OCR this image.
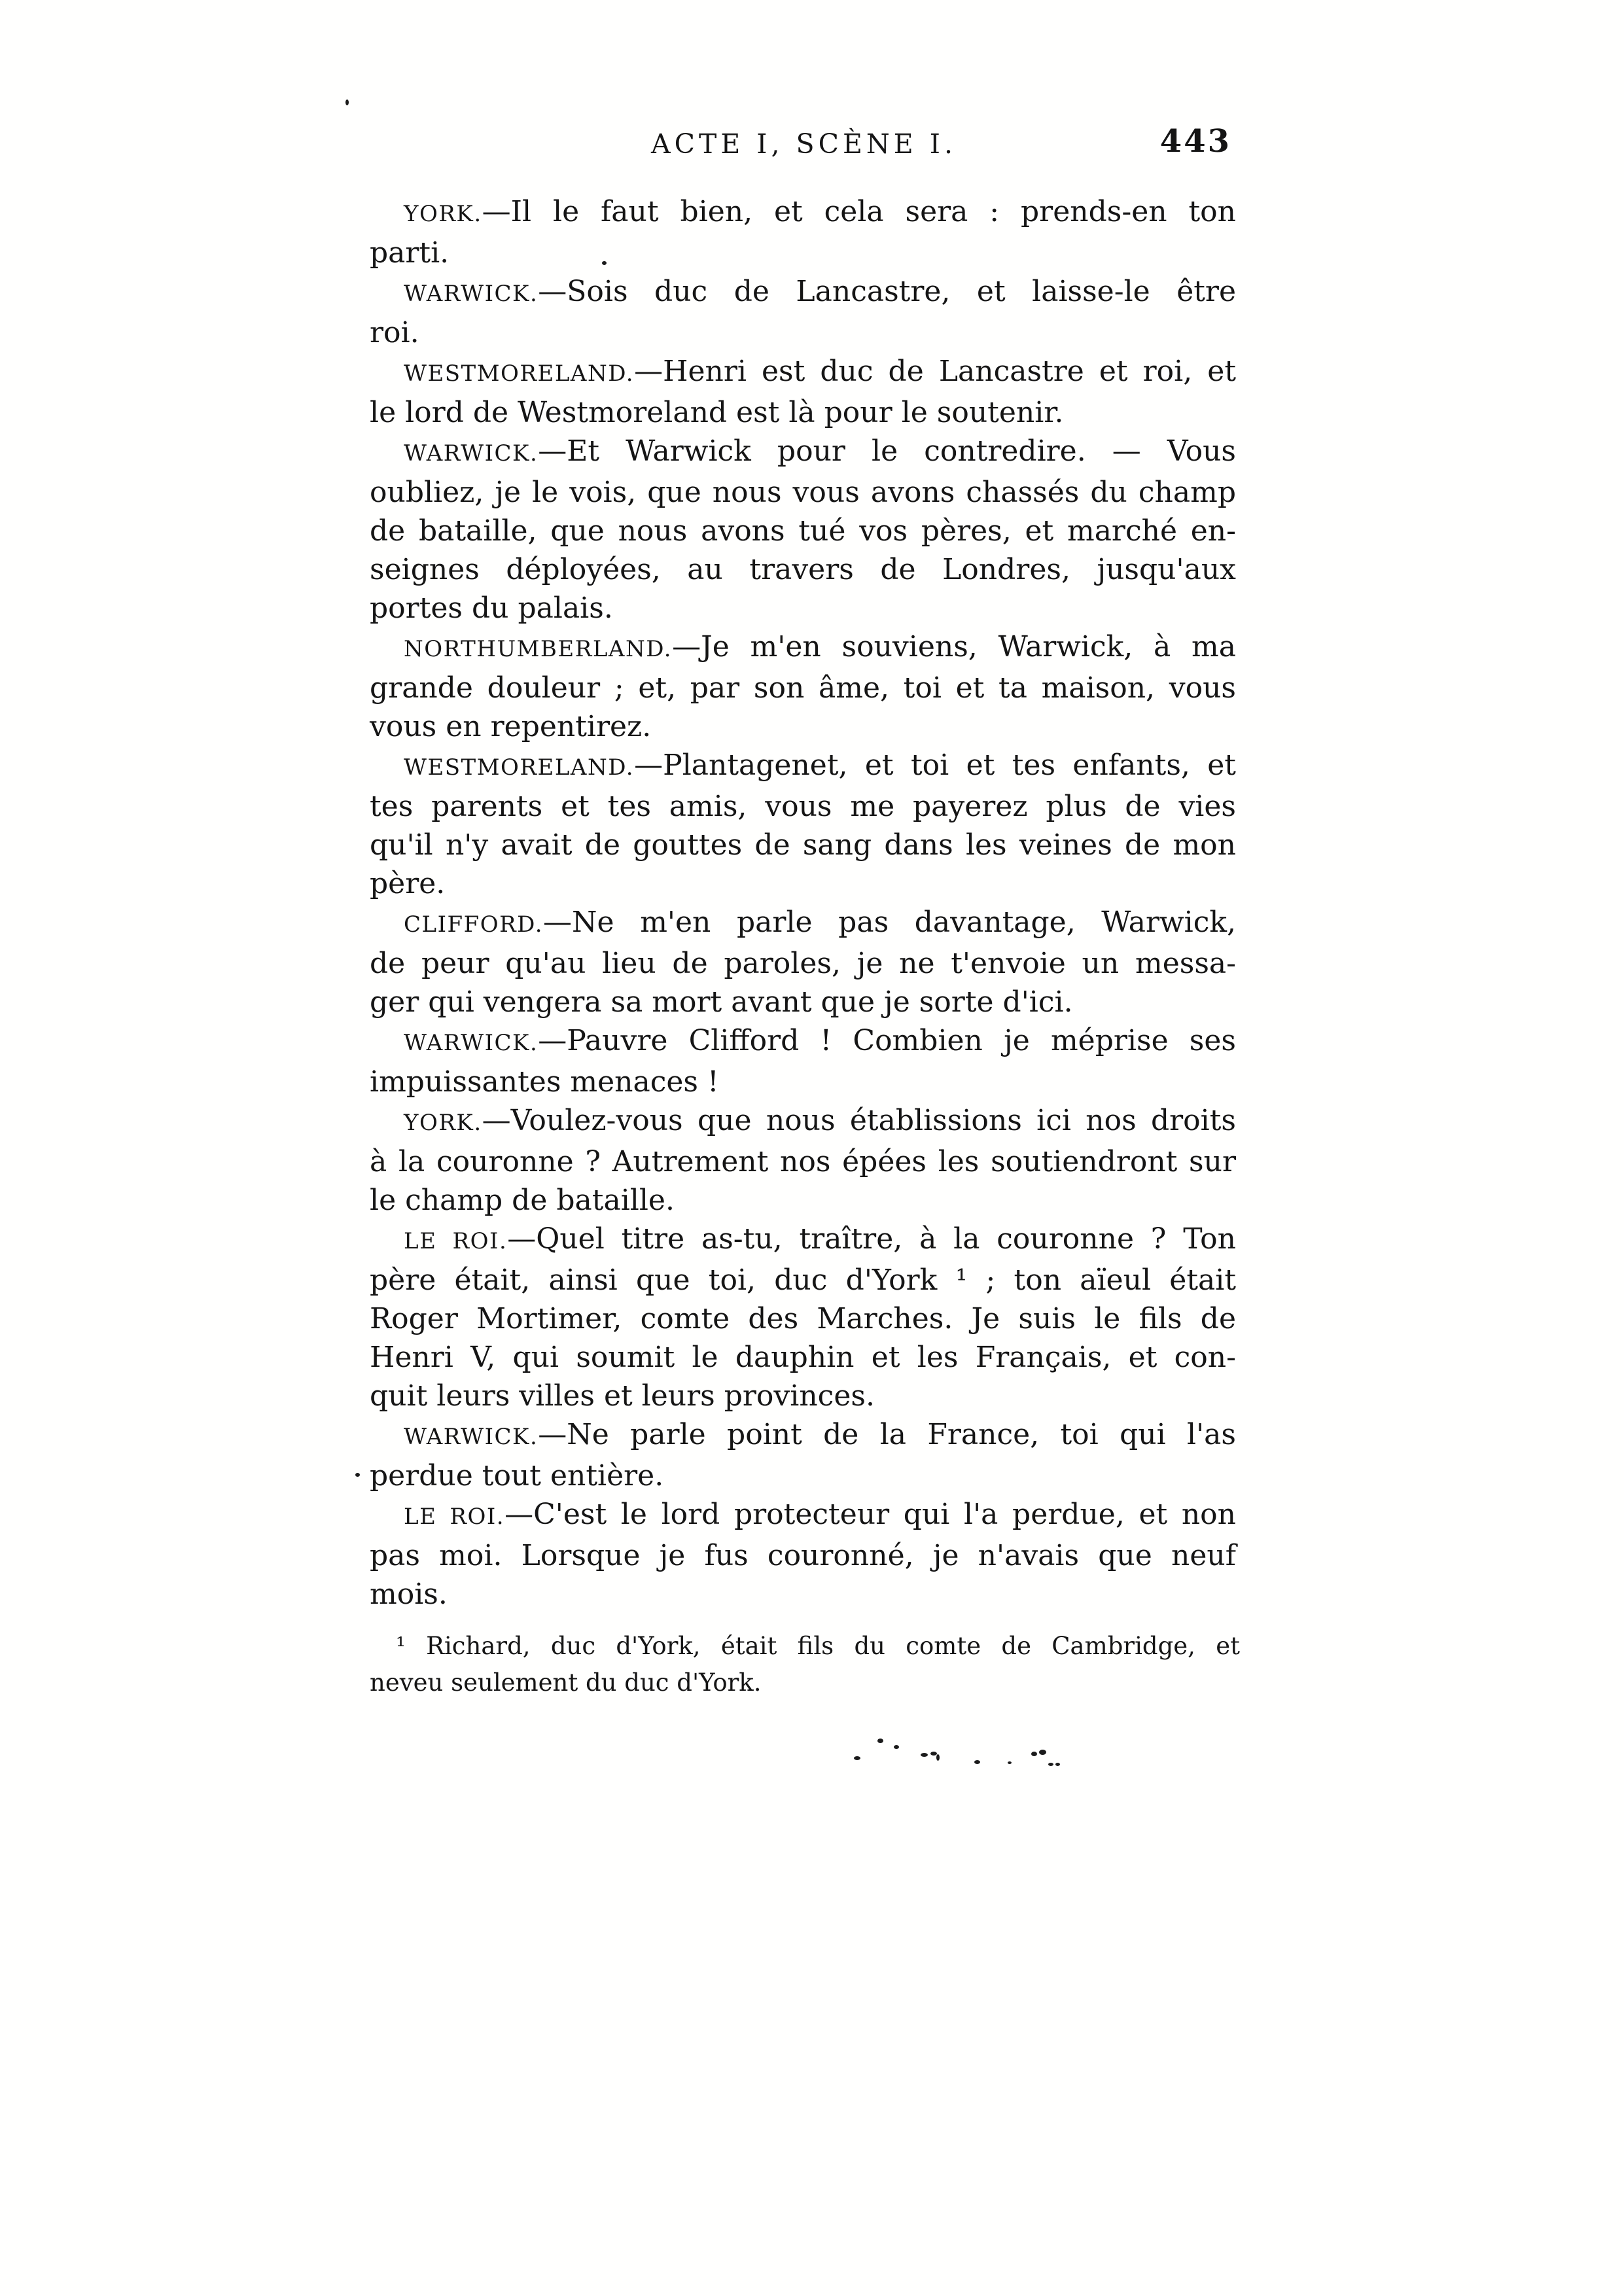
ACTE I, SCÈNE I.	443
YORK.—Il le faut bien, et cela sera : prends-en ton
parti.
WARWICK.—Sois duc de Lancastre, et laisse-le être
roi.
WESTMORELAND.—Henri est duc de Lancastre et roi, et
le lord de Westmoreland est là pour le soutenir.
WARWICK.—Et Warwick pour le contredire. — Vous
oubliez, je le vois, que nous vous avons chassés du champ
de bataille, que nous avons tué vos pères, et marché en-
seignes déployées, au travers de Londres, jusqu'aux
portes du palais.
NORTHUMBERLAND.—Je m'en souviens, Warwick, à ma
grande douleur ; et, par son âme, toi et ta maison, vous
vous en repentirez.
WESTMORELAND.—Plantagenet, et toi et tes enfants, et
tes parents et tes amis, vous me payerez plus de vies
qu'il n'y avait de gouttes de sang dans les veines de mon
père.
CLIFFORD.—Ne m'en parle pas davantage, Warwick,
de peur qu'au lieu de paroles, je ne t'envoie un messa-
ger qui vengera sa mort avant que je sorte d'ici.
WARWICK.—Pauvre Clifford ! Combien je méprise ses
impuissantes menaces !
YORK.—Voulez-vous que nous établissions ici nos droits
à la couronne ? Autrement nos épées les soutiendront sur
le champ de bataille.
LE ROI.—Quel titre as-tu, traître, à la couronne ? Ton
père était, ainsi que toi, duc d'York ¹ ; ton aïeul était
Roger Mortimer, comte des Marches. Je suis le fils de
Henri V, qui soumit le dauphin et les Français, et con-
quit leurs villes et leurs provinces.
WARWICK.—Ne parle point de la France, toi qui l'as
perdue tout entière.
LE ROI.—C'est le lord protecteur qui l'a perdue, et non
pas moi. Lorsque je fus couronné, je n'avais que neuf
mois.
¹ Richard, duc d'York, était fils du comte de Cambridge, et
neveu seulement du duc d'York.
